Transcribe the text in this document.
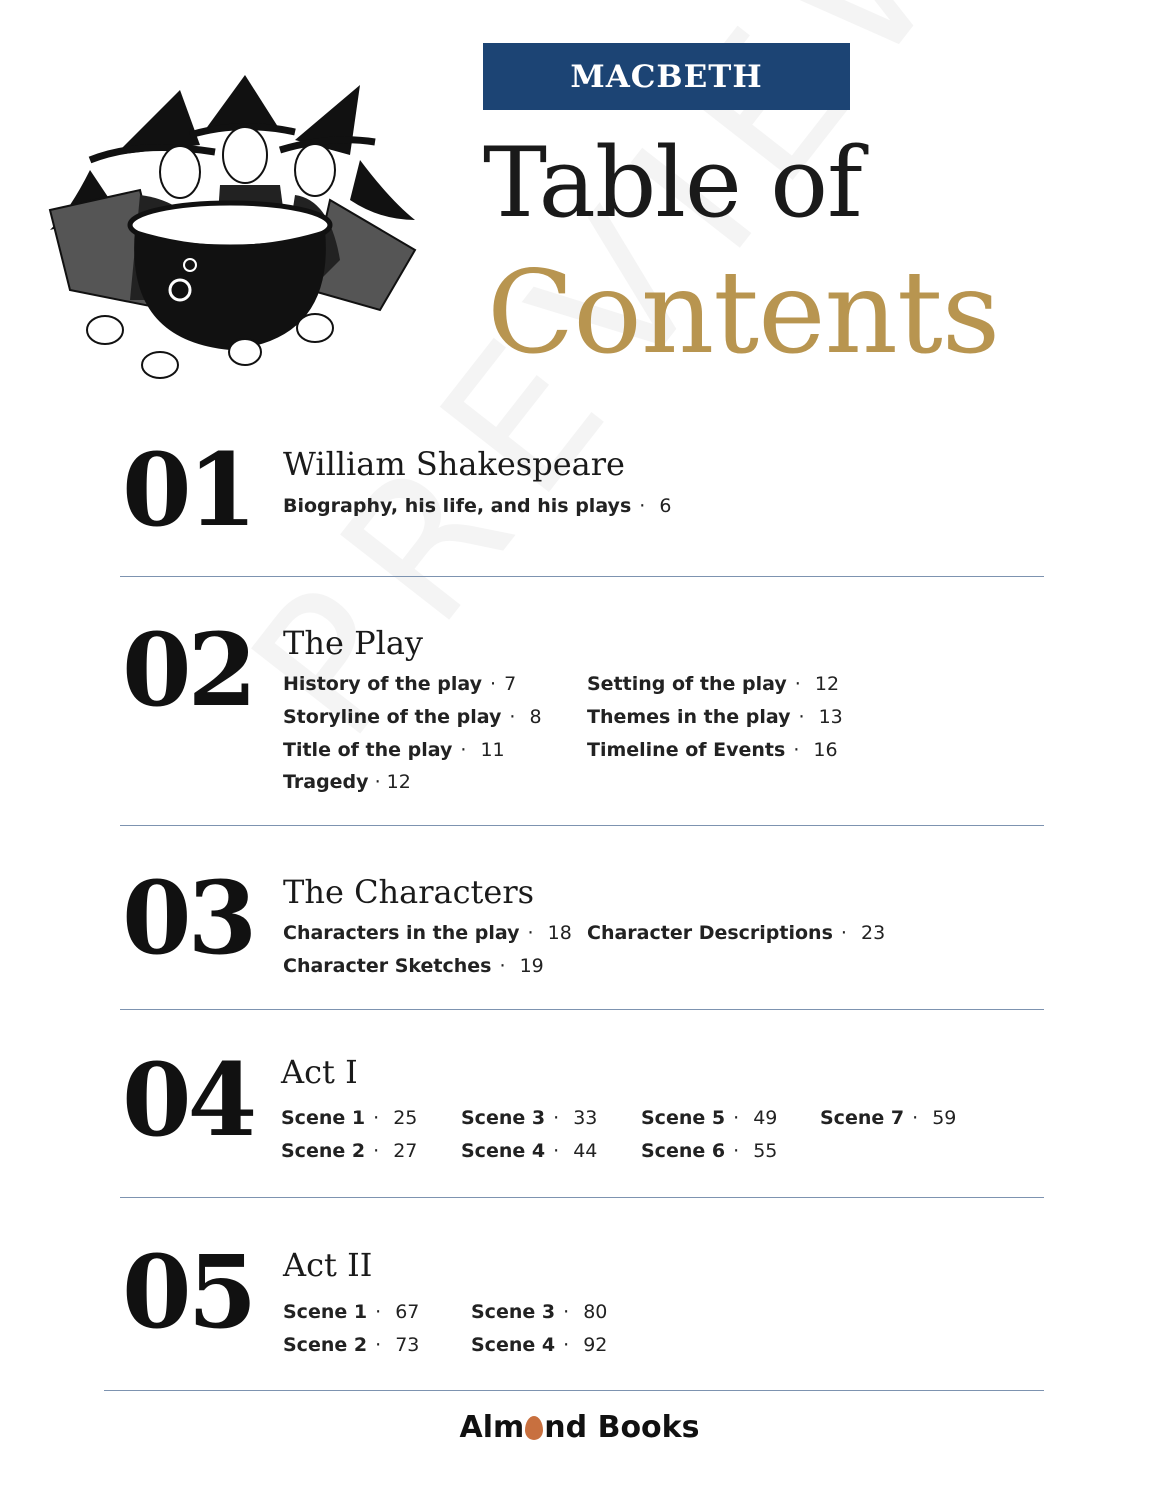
MACBETH
Table of
Contents
01 William Shakespeare
Biography, his life, and his plays · 6
02 The Play
History of the play · 7
Storyline of the play · 8
Title of the play · 11
Tragedy · 12
Setting of the play · 12
Themes in the play · 13
Timeline of Events · 16
03 The Characters
Characters in the play · 18
Character Sketches · 19
Character Descriptions · 23
04 Act I
Scene 1 · 25
Scene 2 · 27
Scene 3 · 33
Scene 4 · 44
Scene 5 · 49
Scene 6 · 55
Scene 7 · 59
05 Act II
Scene 1 · 67
Scene 2 · 73
Scene 3 · 80
Scene 4 · 92
Alm nd Books
